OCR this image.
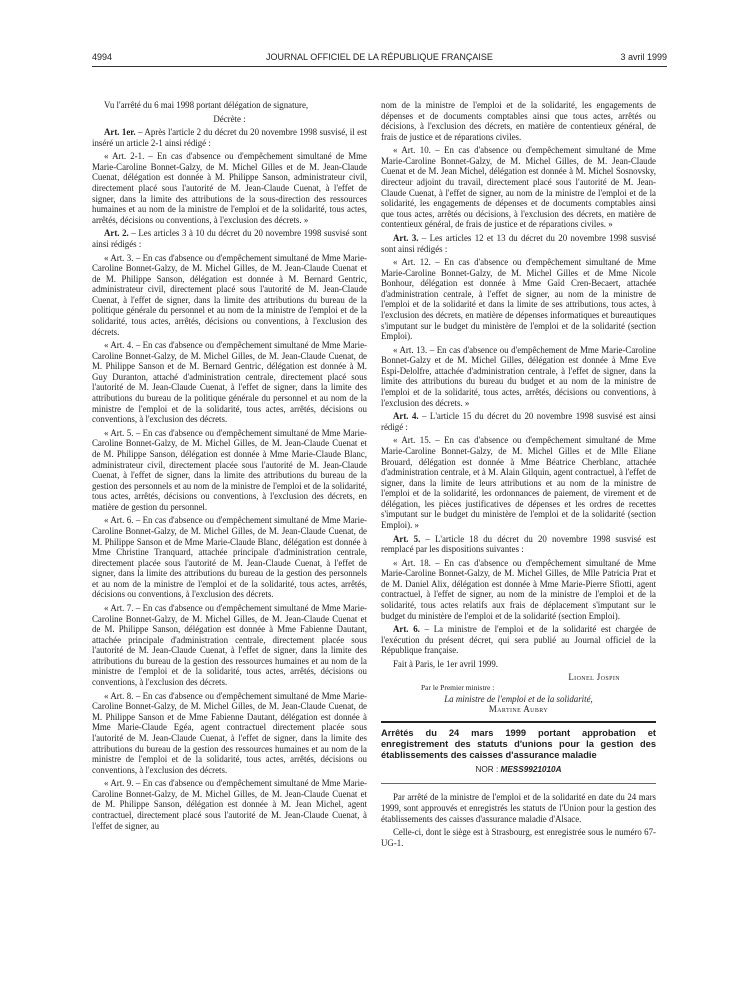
4994	JOURNAL OFFICIEL DE LA RÉPUBLIQUE FRANÇAISE	3 avril 1999

Vu l'arrêté du 6 mai 1998 portant délégation de signature,

Décrète :

Art. 1er. – Après l'article 2 du décret du 20 novembre 1998 susvisé, il est inséré un article 2-1 ainsi rédigé :

« Art. 2-1. – En cas d'absence ou d'empêchement simultané de Mme Marie-Caroline Bonnet-Galzy, de M. Michel Gilles et de M. Jean-Claude Cuenat, délégation est donnée à M. Philippe Sanson, administrateur civil, directement placé sous l'autorité de M. Jean-Claude Cuenat, à l'effet de signer, dans la limite des attributions de la sous-direction des ressources humaines et au nom de la ministre de l'emploi et de la solidarité, tous actes, arrêtés, décisions ou conventions, à l'exclusion des décrets. »

Art. 2. – Les articles 3 à 10 du décret du 20 novembre 1998 susvisé sont ainsi rédigés :

« Art. 3. – En cas d'absence ou d'empêchement simultané de Mme Marie-Caroline Bonnet-Galzy, de M. Michel Gilles, de M. Jean-Claude Cuenat et de M. Philippe Sanson, délégation est donnée à M. Bernard Gentric, administrateur civil, directement placé sous l'autorité de M. Jean-Claude Cuenat, à l'effet de signer, dans la limite des attributions du bureau de la politique générale du personnel et au nom de la ministre de l'emploi et de la solidarité, tous actes, arrêtés, décisions ou conventions, à l'exclusion des décrets.

« Art. 4. – En cas d'absence ou d'empêchement simultané de Mme Marie-Caroline Bonnet-Galzy, de M. Michel Gilles, de M. Jean-Claude Cuenat, de M. Philippe Sanson et de M. Bernard Gentric, délégation est donnée à M. Guy Duranton, attaché d'administration centrale, directement placé sous l'autorité de M. Jean-Claude Cuenat, à l'effet de signer, dans la limite des attributions du bureau de la politique générale du personnel et au nom de la ministre de l'emploi et de la solidarité, tous actes, arrêtés, décisions ou conventions, à l'exclusion des décrets.

« Art. 5. – En cas d'absence ou d'empêchement simultané de Mme Marie-Caroline Bonnet-Galzy, de M. Michel Gilles, de M. Jean-Claude Cuenat et de M. Philippe Sanson, délégation est donnée à Mme Marie-Claude Blanc, administrateur civil, directement placée sous l'autorité de M. Jean-Claude Cuenat, à l'effet de signer, dans la limite des attributions du bureau de la gestion des personnels et au nom de la ministre de l'emploi et de la solidarité, tous actes, arrêtés, décisions ou conventions, à l'exclusion des décrets, en matière de gestion du personnel.

« Art. 6. – En cas d'absence ou d'empêchement simultané de Mme Marie-Caroline Bonnet-Galzy, de M. Michel Gilles, de M. Jean-Claude Cuenat, de M. Philippe Sanson et de Mme Marie-Claude Blanc, délégation est donnée à Mme Christine Tranquard, attachée principale d'administration centrale, directement placée sous l'autorité de M. Jean-Claude Cuenat, à l'effet de signer, dans la limite des attributions du bureau de la gestion des personnels et au nom de la ministre de l'emploi et de la solidarité, tous actes, arrêtés, décisions ou conventions, à l'exclusion des décrets.

« Art. 7. – En cas d'absence ou d'empêchement simultané de Mme Marie-Caroline Bonnet-Galzy, de M. Michel Gilles, de M. Jean-Claude Cuenat et de M. Philippe Sanson, délégation est donnée à Mme Fabienne Dautant, attachée principale d'administration centrale, directement placée sous l'autorité de M. Jean-Claude Cuenat, à l'effet de signer, dans la limite des attributions du bureau de la gestion des ressources humaines et au nom de la ministre de l'emploi et de la solidarité, tous actes, arrêtés, décisions ou conventions, à l'exclusion des décrets.

« Art. 8. – En cas d'absence ou d'empêchement simultané de Mme Marie-Caroline Bonnet-Galzy, de M. Michel Gilles, de M. Jean-Claude Cuenat, de M. Philippe Sanson et de Mme Fabienne Dautant, délégation est donnée à Mme Marie-Claude Egéa, agent contractuel directement placée sous l'autorité de M. Jean-Claude Cuenat, à l'effet de signer, dans la limite des attributions du bureau de la gestion des ressources humaines et au nom de la ministre de l'emploi et de la solidarité, tous actes, arrêtés, décisions ou conventions, à l'exclusion des décrets.

« Art. 9. – En cas d'absence ou d'empêchement simultané de Mme Marie-Caroline Bonnet-Galzy, de M. Michel Gilles, de M. Jean-Claude Cuenat et de M. Philippe Sanson, délégation est donnée à M. Jean Michel, agent contractuel, directement placé sous l'autorité de M. Jean-Claude Cuenat, à l'effet de signer, au

nom de la ministre de l'emploi et de la solidarité, les engagements de dépenses et de documents comptables ainsi que tous actes, arrêtés ou décisions, à l'exclusion des décrets, en matière de contentieux général, de frais de justice et de réparations civiles.

« Art. 10. – En cas d'absence ou d'empêchement simultané de Mme Marie-Caroline Bonnet-Galzy, de M. Michel Gilles, de M. Jean-Claude Cuenat et de M. Jean Michel, délégation est donnée à M. Michel Sosnovsky, directeur adjoint du travail, directement placé sous l'autorité de M. Jean-Claude Cuenat, à l'effet de signer, au nom de la ministre de l'emploi et de la solidarité, les engagements de dépenses et de documents comptables ainsi que tous actes, arrêtés ou décisions, à l'exclusion des décrets, en matière de contentieux général, de frais de justice et de réparations civiles. »

Art. 3. – Les articles 12 et 13 du décret du 20 novembre 1998 susvisé sont ainsi rédigés :

« Art. 12. – En cas d'absence ou d'empêchement simultané de Mme Marie-Caroline Bonnet-Galzy, de M. Michel Gilles et de Mme Nicole Bonhour, délégation est donnée à Mme Gaïd Cren-Becaert, attachée d'administration centrale, à l'effet de signer, au nom de la ministre de l'emploi et de la solidarité et dans la limite de ses attributions, tous actes, à l'exclusion des décrets, en matière de dépenses informatiques et bureautiques s'imputant sur le budget du ministère de l'emploi et de la solidarité (section Emploi).

« Art. 13. – En cas d'absence ou d'empêchement de Mme Marie-Caroline Bonnet-Galzy et de M. Michel Gilles, délégation est donnée à Mme Eve Espi-Delolfre, attachée d'administration centrale, à l'effet de signer, dans la limite des attributions du bureau du budget et au nom de la ministre de l'emploi et de la solidarité, tous actes, arrêtés, décisions ou conventions, à l'exclusion des décrets. »

Art. 4. – L'article 15 du décret du 20 novembre 1998 susvisé est ainsi rédigé :

« Art. 15. – En cas d'absence ou d'empêchement simultané de Mme Marie-Caroline Bonnet-Galzy, de M. Michel Gilles et de Mlle Eliane Brouard, délégation est donnée à Mme Béatrice Cherblanc, attachée d'administration centrale, et à M. Alain Gilquin, agent contractuel, à l'effet de signer, dans la limite de leurs attributions et au nom de la ministre de l'emploi et de la solidarité, les ordonnances de paiement, de virement et de délégation, les pièces justificatives de dépenses et les ordres de recettes s'imputant sur le budget du ministère de l'emploi et de la solidarité (section Emploi). »

Art. 5. – L'article 18 du décret du 20 novembre 1998 susvisé est remplacé par les dispositions suivantes :

« Art. 18. – En cas d'absence ou d'empêchement simultané de Mme Marie-Caroline Bonnet-Galzy, de M. Michel Gilles, de Mlle Patricia Prat et de M. Daniel Alix, délégation est donnée à Mme Marie-Pierre Sfiotti, agent contractuel, à l'effet de signer, au nom de la ministre de l'emploi et de la solidarité, tous actes relatifs aux frais de déplacement s'imputant sur le budget du ministère de l'emploi et de la solidarité (section Emploi).

Art. 6. – La ministre de l'emploi et de la solidarité est chargée de l'exécution du présent décret, qui sera publié au Journal officiel de la République française.

Fait à Paris, le 1er avril 1999.

Lionel Jospin

Par le Premier ministre :

La ministre de l'emploi et de la solidarité,

Martine Aubry

Arrêtés du 24 mars 1999 portant approbation et enregistrement des statuts d'unions pour la gestion des établissements des caisses d'assurance maladie

NOR : MESS9921010A

Par arrêté de la ministre de l'emploi et de la solidarité en date du 24 mars 1999, sont approuvés et enregistrés les statuts de l'Union pour la gestion des établissements des caisses d'assurance maladie d'Alsace.

Celle-ci, dont le siège est à Strasbourg, est enregistrée sous le numéro 67-UG-1.
